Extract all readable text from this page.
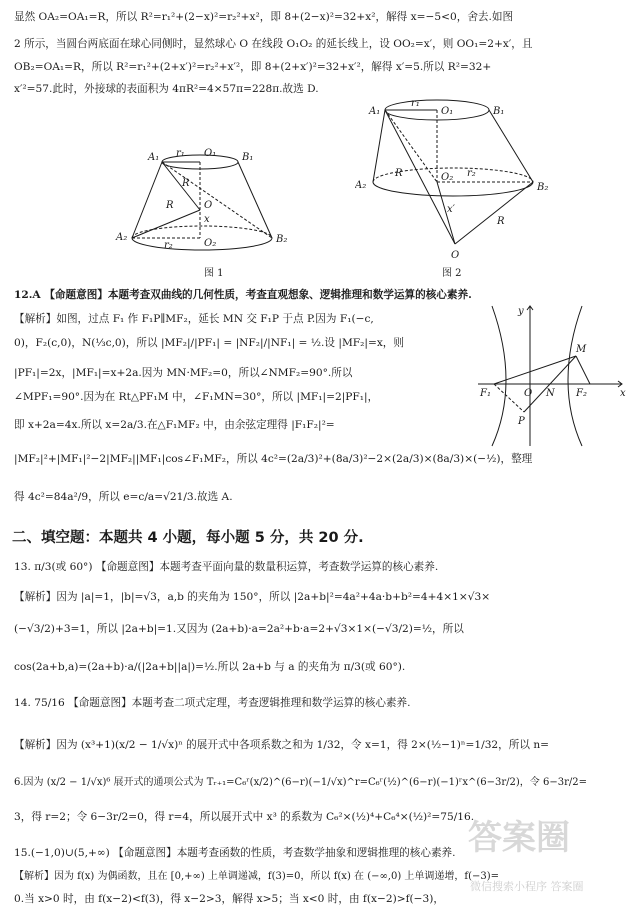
显然 OA₂=OA₁=R，所以 R²=r₁²+(2−x)²=r₂²+x²，即 8+(2−x)²=32+x²，解得 x=−5<0，舍去.如图
2 所示，当圆台两底面在球心同侧时，显然球心 O 在线段 O₁O₂ 的延长线上，设 OO₂=x′，则 OO₁=2+x′，且
OB₂=OA₁=R，所以 R²=r₁²+(2+x′)²=r₂²+x′²，即 8+(2+x′)²=32+x′²，解得 x′=5.所以 R²=32+
x′²=57.此时，外接球的表面积为 4πR²=4×57π=228π.故选 D.
A₁ r₁ O₁	B₁
R
O
x
R
A₂
r₂	O₂	B₂
图 1
A₁
r₁
O₁	B₁
R	O₂ r₂
A₂	B₂
x′
R
O
图 2
12.A 【命题意图】本题考查双曲线的几何性质，考查直观想象、逻辑推理和数学运算的核心素养.
【解析】如图，过点 F₁ 作 F₁P∥MF₂，延长 MN 交 F₁P 于点 P.因为 F₁(−c,
0)，F₂(c,0)，N(⅓c,0)，所以 |MF₂|/|PF₁| = |NF₂|/|NF₁| = ½.设 |MF₂|=x，则
|PF₁|=2x，|MF₁|=x+2a.因为 MN·MF₂=0，所以∠NMF₂=90°.所以
∠MPF₁=90°.因为在 Rt△PF₁M 中，∠F₁MN=30°，所以 |MF₁|=2|PF₁|，
即 x+2a=4x.所以 x=2a/3.在△F₁MF₂ 中，由余弦定理得 |F₁F₂|²=
|MF₂|²+|MF₁|²−2|MF₂||MF₁|cos∠F₁MF₂，所以 4c²=(2a/3)²+(8a/3)²−2×(2a/3)×(8a/3)×(−½)，整理
得 4c²=84a²/9，所以 e=c/a=√21/3.故选 A.
y
M
F₁	O N F₂	x
P
二、填空题：本题共 4 小题，每小题 5 分，共 20 分.
13. π/3(或 60°) 【命题意图】本题考查平面向量的数量积运算，考查数学运算的核心素养.
【解析】因为 |a|=1，|b|=√3，a,b 的夹角为 150°，所以 |2a+b|²=4a²+4a·b+b²=4+4×1×√3×
(−√3/2)+3=1，所以 |2a+b|=1.又因为 (2a+b)·a=2a²+b·a=2+√3×1×(−√3/2)=½，所以
cos(2a+b,a)=(2a+b)·a/(|2a+b||a|)=½.所以 2a+b 与 a 的夹角为 π/3(或 60°).
14. 75/16 【命题意图】本题考查二项式定理，考查逻辑推理和数学运算的核心素养.
【解析】因为 (x³+1)(x/2 − 1/√x)ⁿ 的展开式中各项系数之和为 1/32，令 x=1，得 2×(½−1)ⁿ=1/32，所以 n=
6.因为 (x/2 − 1/√x)⁶ 展开式的通项公式为 Tᵣ₊₁=C₆ʳ(x/2)^(6−r)(−1/√x)^r=C₆ʳ(½)^(6−r)(−1)ʳx^(6−3r/2)，令 6−3r/2=
3，得 r=2；令 6−3r/2=0，得 r=4，所以展开式中 x³ 的系数为 C₆²×(½)⁴+C₆⁴×(½)²=75/16.
15.(−1,0)∪(5,+∞) 【命题意图】本题考查函数的性质，考查数学抽象和逻辑推理的核心素养.
【解析】因为 f(x) 为偶函数，且在 [0,+∞) 上单调递减，f(3)=0，所以 f(x) 在 (−∞,0) 上单调递增，f(−3)=
0.当 x>0 时，由 f(x−2)<f(3)，得 x−2>3，解得 x>5；当 x<0 时，由 f(x−2)>f(−3)，
答案圈
微信搜索小程序 答案圈
